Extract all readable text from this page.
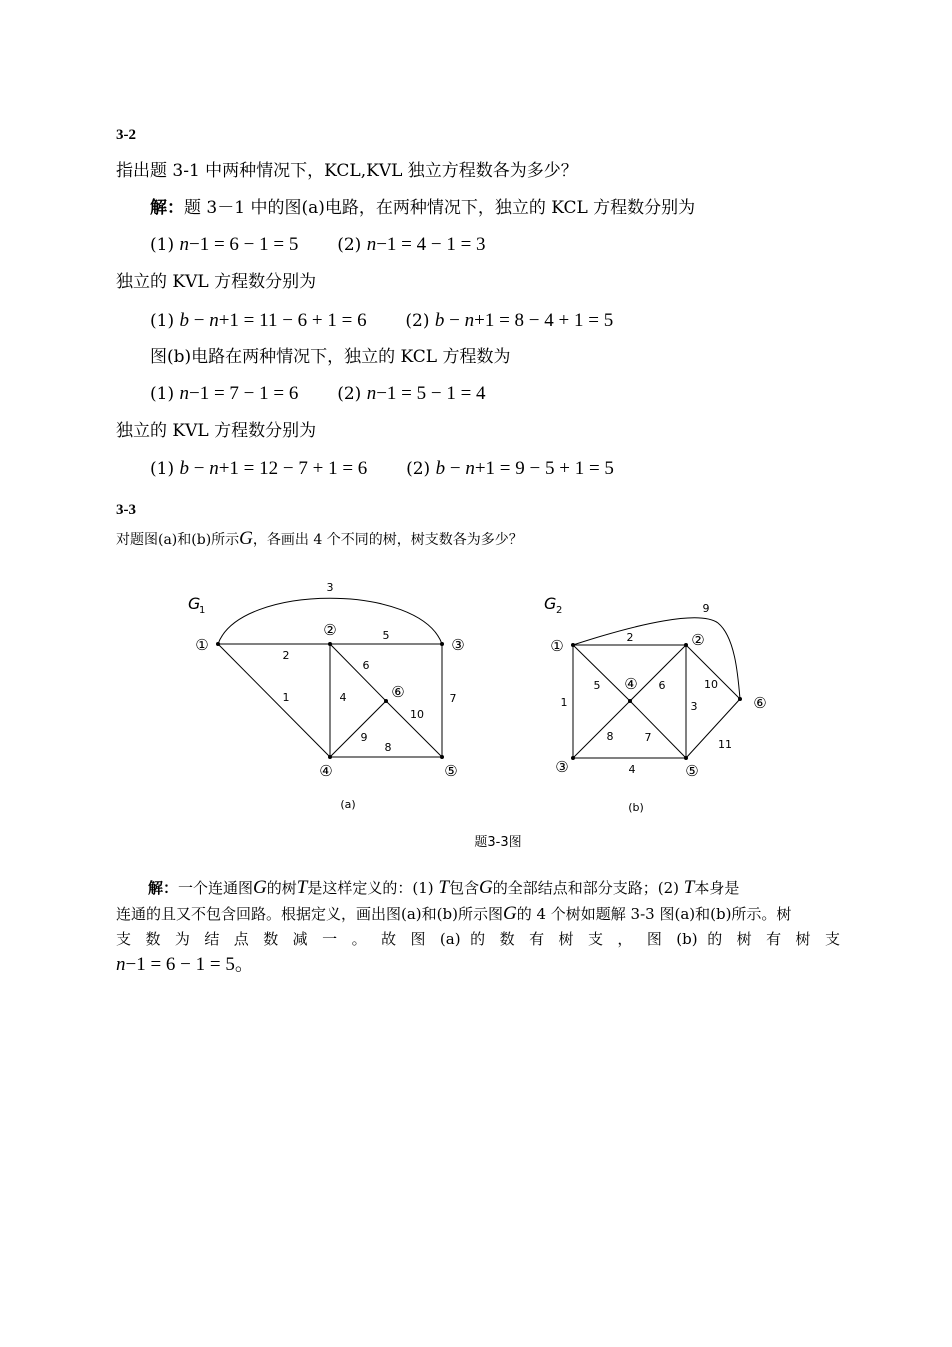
3-2
指出题 3-1 中两种情况下，KCL,KVL 独立方程数各为多少？
解：题 3－1 中的图(a)电路，在两种情况下，独立的 KCL 方程数分别为
(1) n−1 = 6 − 1 = 5 (2) n−1 = 4 − 1 = 3
独立的 KVL 方程数分别为
(1) b − n+1 = 11 − 6 + 1 = 6 (2) b − n+1 = 8 − 4 + 1 = 5
图(b)电路在两种情况下，独立的 KCL 方程数为
(1) n−1 = 7 − 1 = 6 (2) n−1 = 5 − 1 = 4
独立的 KVL 方程数分别为
(1) b − n+1 = 12 − 7 + 1 = 6 (2) b − n+1 = 9 − 5 + 1 = 5
3-3
对题图(a)和(b)所示G，各画出 4 个不同的树，树支数各为多少？
G
1
①
②
③
④	⑤
⑥
2
3
5
1	4
6
7
10
9
8
(a)
G 2
①	②
③
④
⑤
⑥
2
9
1
5	6	10
3
8	7
4
11
(b)
题3-3图
解：一个连通图G的树T是这样定义的：(1) T包含G的全部结点和部分支路；(2) T本身是
连通的且又不包含回路。根据定义，画出图(a)和(b)所示图G的 4 个树如题解 3-3 图(a)和(b)所示。树
支 数 为 结 点 数 减 一 。 故 图 (a) 的 数 有 树 支 ， 图 (b) 的 树 有 树 支
n−1 = 6 − 1 = 5。
